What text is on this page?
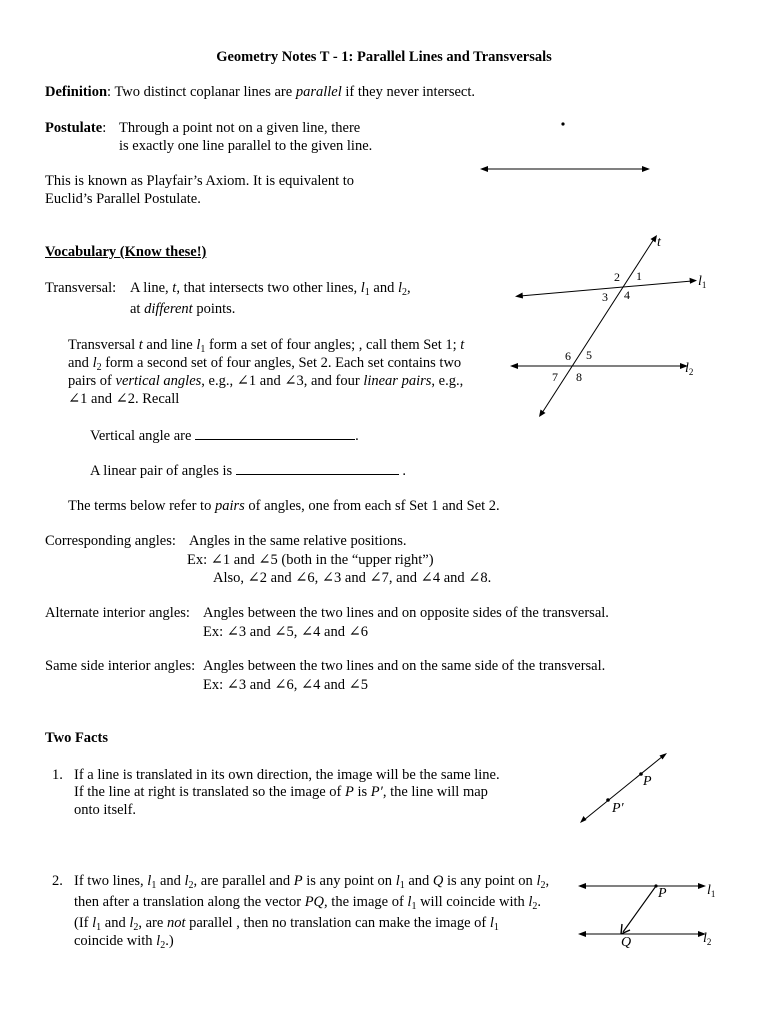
Geometry Notes T - 1: Parallel Lines and Transversals
Definition: Two distinct coplanar lines are parallel if they never intersect.
Postulate: Through a point not on a given line, there
is exactly one line parallel to the given line.
This is known as Playfair’s Axiom. It is equivalent to
Euclid’s Parallel Postulate.
Vocabulary (Know these!)
Transversal: A line, t, that intersects two other lines, $l_1$ and $l_2$,
at different points.
Transversal t and line $l_1$ form a set of four angles; , call them Set 1; t
and $l_2$ form a second set of four angles, Set 2. Each set contains two
pairs of vertical angles, e.g., ∠1 and ∠3, and four linear pairs, e.g.,
∠1 and ∠2. Recall
Vertical angle are	.
A linear pair of angles is	.
The terms below refer to pairs of angles, one from each sf Set 1 and Set 2.
Corresponding angles: Angles in the same relative positions.
Ex: ∠1 and ∠5 (both in the “upper right”)
Also, ∠2 and ∠6, ∠3 and ∠7, and ∠4 and ∠8.
Alternate interior angles: Angles between the two lines and on opposite sides of the transversal.
Ex: ∠3 and ∠5, ∠4 and ∠6
Same side interior angles: Angles between the two lines and on the same side of the transversal.
Ex: ∠3 and ∠6, ∠4 and ∠5
Two Facts
1. If a line is translated in its own direction, the image will be the same line.
If the line at right is translated so the image of P is P′, the line will map
onto itself.
2. If two lines, $l_1$ and $l_2$, are parallel and P is any point on $l_1$ and Q is any point on $l_2$,
then after a translation along the vector PQ, the image of $l_1$ will coincide with $l_2$.
(If $l_1$ and $l_2$, are not parallel , then no translation can make the image of $l_1$
coincide with $l_2$.)
t
$l_1$
$l_2$
1
2
3 4
5
6
7 8
P
P′
P
Q
$l_1$
$l_2$
